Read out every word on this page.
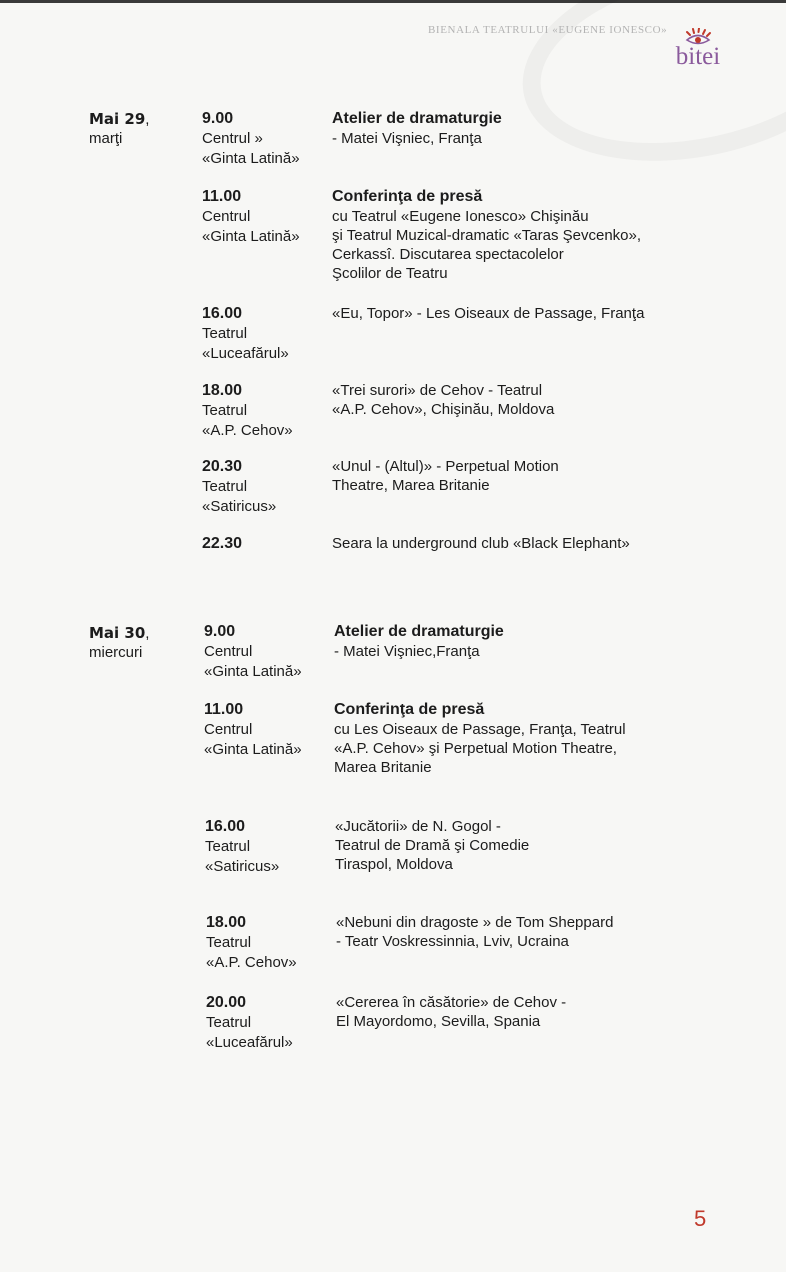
BIENALA TEATRULUI «EUGENE IONESCO»
bitei
Mai 29,
marţi
9.00
Centrul »
«Ginta Latină»
Atelier de dramaturgie
- Matei Vişniec, Franţa
11.00
Centrul
«Ginta Latină»
Conferinţa de presă
cu Teatrul «Eugene Ionesco» Chişinău
şi Teatrul Muzical-dramatic «Taras Şevcenko»,
Cerkassî. Discutarea spectacolelor
Şcolilor de Teatru
16.00
Teatrul
«Luceafărul»
«Eu, Topor» - Les Oiseaux de Passage, Franţa
18.00
Teatrul
«A.P. Cehov»
«Trei surori» de Cehov - Teatrul
«A.P. Cehov», Chişinău, Moldova
20.30
Teatrul
«Satiricus»
«Unul - (Altul)» - Perpetual Motion
Theatre, Marea Britanie
22.30	Seara la underground club «Black Elephant»
Mai 30,
miercuri
9.00
Centrul
«Ginta Latină»
Atelier de dramaturgie
- Matei Vişniec,Franţa
11.00
Centrul
«Ginta Latină»
Conferinţa de presă
cu Les Oiseaux de Passage, Franţa, Teatrul
«A.P. Cehov» şi Perpetual Motion Theatre,
Marea Britanie
16.00
Teatrul
«Satiricus»
«Jucătorii» de N. Gogol -
Teatrul de Dramă şi Comedie
Tiraspol, Moldova
18.00
Teatrul
«A.P. Cehov»
«Nebuni din dragoste » de Tom Sheppard
- Teatr Voskressinnia, Lviv, Ucraina
20.00
Teatrul
«Luceafărul»
«Cererea în căsătorie» de Cehov -
El Mayordomo, Sevilla, Spania
5
